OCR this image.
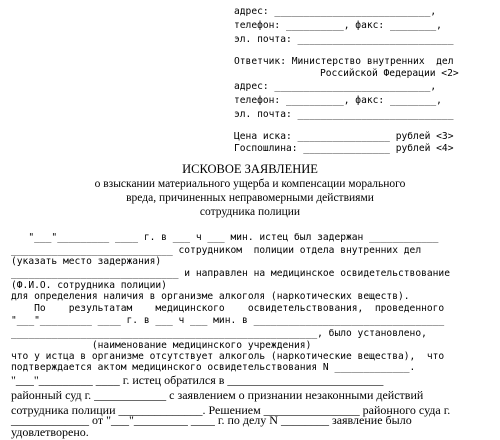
адрес: ___________________________,
телефон: __________, факс: ________,
эл. почта: ___________________________
Ответчик: Министерство внутренних  дел
Российской Федерации <2>
адрес: ___________________________,
телефон: __________, факс: ________,
эл. почта: ___________________________
Цена иска: ________________ рублей <3>
Госпошлина: _______________ рублей <4>
ИСКОВОЕ ЗАЯВЛЕНИЕ
о взыскании материального ущерба и компенсации морального
вреда, причиненных неправомерными действиями
сотрудника полиции
"___"_________ ____ г. в ___ ч ___ мин. истец был задержан ____________
____________________________ сотрудником  полиции отдела внутренних дел
(указать место задержания)
_____________________________ и направлен на медицинское освидетельствование
(Ф.И.О. сотрудника полиции)
для определения наличия в организме алкоголя (наркотических веществ).
По    результатам    медицинского    освидетельствования,  проведенного
"___"_________ ____ г. в ___ ч ___ мин. в _________________________________
_____________________________________________________, было установлено,
(наименование медицинского учреждения)
что у истца в организме отсутствует алкоголь (наркотические вещества),  что
подтверждается актом медицинского освидетельствования N _____________.
"___"_________ ____ г. истец обратился в __________________________
районный суд г. ____________ с заявлением о признании незаконными действий
сотрудника полиции ______________. Решением ________________ районного суда г.
_____________ от "___"_________ ____ г. по делу N ________ заявление было
удовлетворено.
